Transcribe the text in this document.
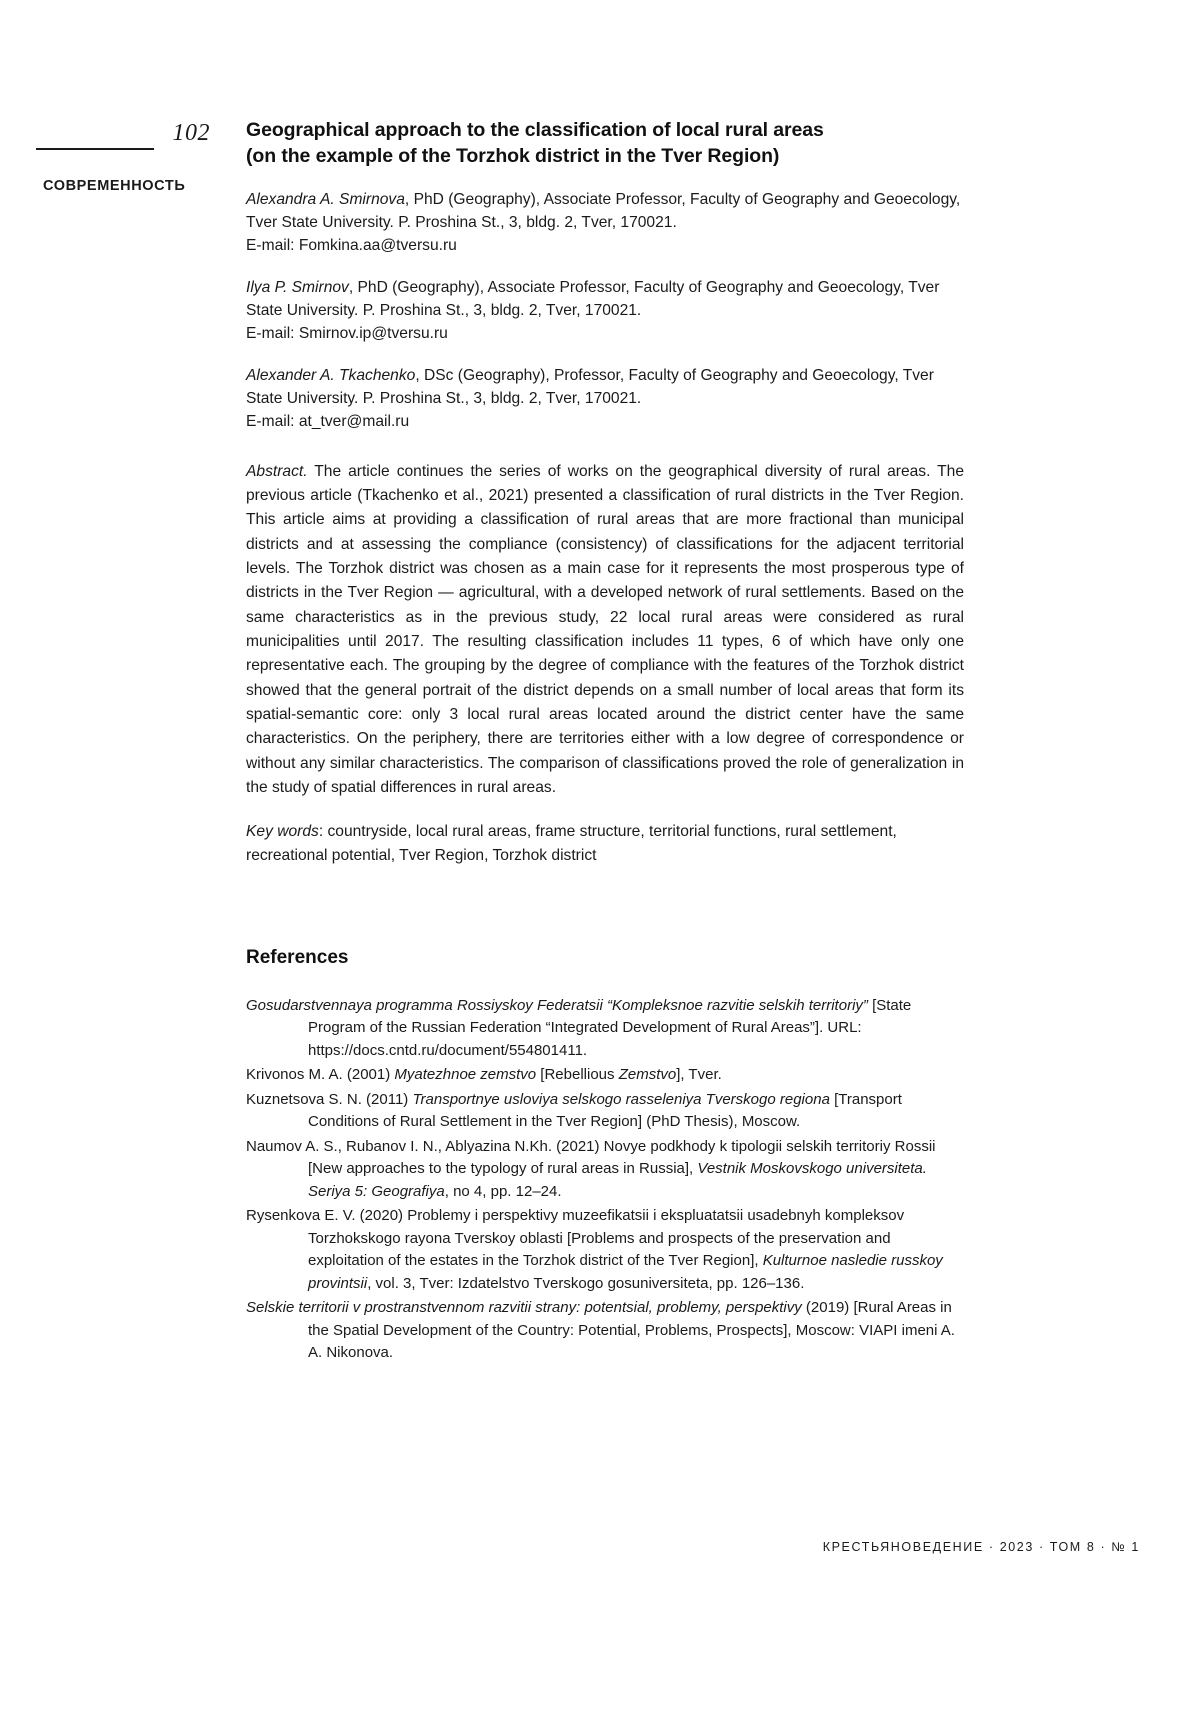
102
СОВРЕМЕННОСТЬ
Geographical approach to the classification of local rural areas
(on the example of the Torzhok district in the Tver Region)
Alexandra A. Smirnova, PhD (Geography), Associate Professor, Faculty of Geography and Geoecology, Tver State University. P. Proshina St., 3, bldg. 2, Tver, 170021.
E-mail: Fomkina.aa@tversu.ru
Ilya P. Smirnov, PhD (Geography), Associate Professor, Faculty of Geography and Geoecology, Tver State University. P. Proshina St., 3, bldg. 2, Tver, 170021.
E-mail: Smirnov.ip@tversu.ru
Alexander A. Tkachenko, DSc (Geography), Professor, Faculty of Geography and Geoecology, Tver State University. P. Proshina St., 3, bldg. 2, Tver, 170021.
E-mail: at_tver@mail.ru

Abstract. The article continues the series of works on the geographical diversity of rural areas. The previous article (Tkachenko et al., 2021) presented a classification of rural districts in the Tver Region. This article aims at providing a classification of rural areas that are more fractional than municipal districts and at assessing the compliance (consistency) of classifications for the adjacent territorial levels. The Torzhok district was chosen as a main case for it represents the most prosperous type of districts in the Tver Region — agricultural, with a developed network of rural settlements. Based on the same characteristics as in the previous study, 22 local rural areas were considered as rural municipalities until 2017. The resulting classification includes 11 types, 6 of which have only one representative each. The grouping by the degree of compliance with the features of the Torzhok district showed that the general portrait of the district depends on a small number of local areas that form its spatial-semantic core: only 3 local rural areas located around the district center have the same characteristics. On the periphery, there are territories either with a low degree of correspondence or without any similar characteristics. The comparison of classifications proved the role of generalization in the study of spatial differences in rural areas.

Key words: countryside, local rural areas, frame structure, territorial functions, rural settlement, recreational potential, Tver Region, Torzhok district

References
Gosudarstvennaya programma Rossiyskoy Federatsii “Kompleksnoe razvitie selskih territoriy” [State Program of the Russian Federation “Integrated Development of Rural Areas”]. URL: https://docs.cntd.ru/document/554801411.
Krivonos M. A. (2001) Myatezhnoe zemstvo [Rebellious Zemstvo], Tver.
Kuznetsova S. N. (2011) Transportnye usloviya selskogo rasseleniya Tverskogo regiona [Transport Conditions of Rural Settlement in the Tver Region] (PhD Thesis), Moscow.
Naumov A. S., Rubanov I. N., Ablyazina N.Kh. (2021) Novye podkhody k tipologii selskih territoriy Rossii [New approaches to the typology of rural areas in Russia], Vestnik Moskovskogo universiteta. Seriya 5: Geografiya, no 4, pp. 12–24.
Rysenkova E. V. (2020) Problemy i perspektivy muzeefikatsii i ekspluatatsii usadebnyh kompleksov Torzhokskogo rayona Tverskoy oblasti [Problems and prospects of the preservation and exploitation of the estates in the Torzhok district of the Tver Region], Kulturnoe nasledie russkoy provintsii, vol. 3, Tver: Izdatelstvo Tverskogo gosuniversiteta, pp. 126–136.
Selskie territorii v prostranstvennom razvitii strany: potentsial, problemy, perspektivy (2019) [Rural Areas in the Spatial Development of the Country: Potential, Problems, Prospects], Moscow: VIAPI imeni A. A. Nikonova.
КРЕСТЬЯНОВЕДЕНИЕ · 2023 · ТОМ 8 · № 1
